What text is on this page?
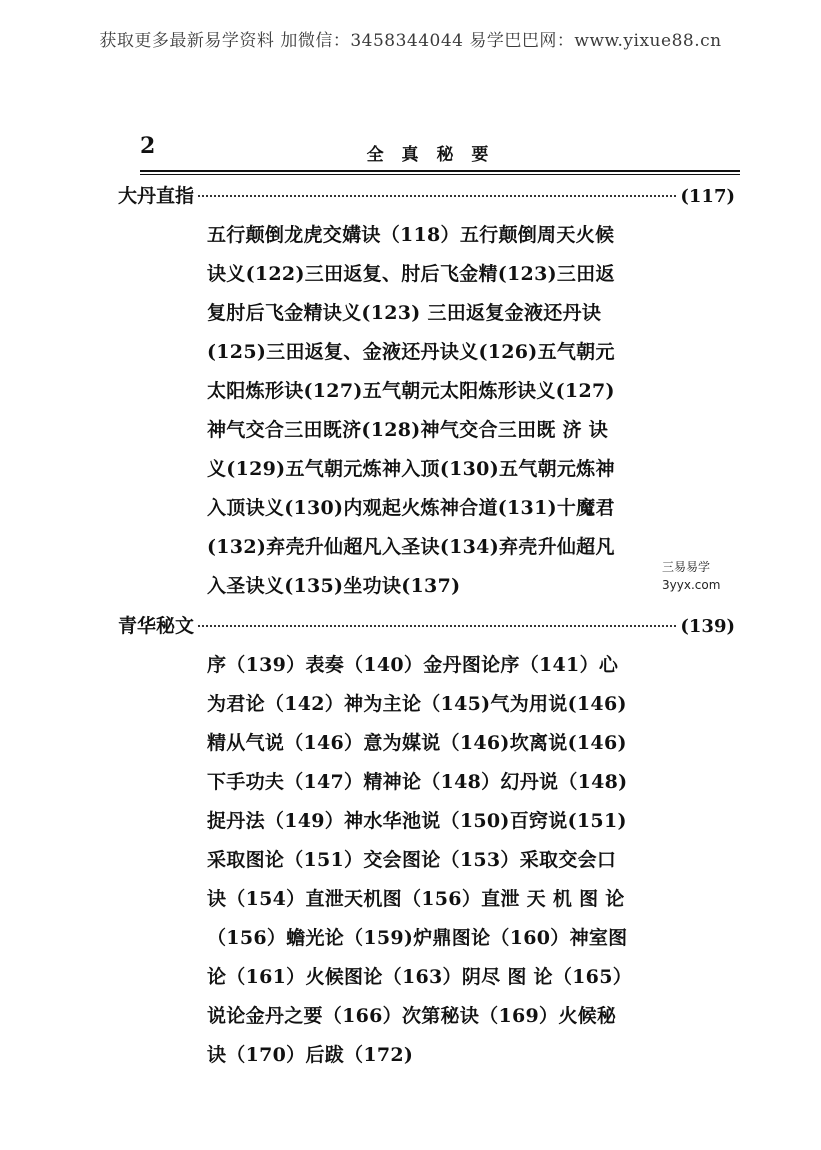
获取更多最新易学资料 加微信：3458344044 易学巴巴网：www.yixue88.cn
2	全 真 秘 要
大丹直指	(117)
五行颠倒龙虎交媾诀（118）五行颠倒周天火候
诀义(122)三田返复、肘后飞金精(123)三田返
复肘后飞金精诀义(123) 三田返复金液还丹诀
(125)三田返复、金液还丹诀义(126)五气朝元
太阳炼形诀(127)五气朝元太阳炼形诀义(127)
神气交合三田既济(128)神气交合三田既 济 诀
义(129)五气朝元炼神入顶(130)五气朝元炼神
入顶诀义(130)内观起火炼神合道(131)十魔君
(132)弃壳升仙超凡入圣诀(134)弃壳升仙超凡
入圣诀义(135)坐功诀(137)
三易易学
3yyx.com
青华秘文	(139)
序（139）表奏（140）金丹图论序（141）心
为君论（142）神为主论（145)气为用说(146)
精从气说（146）意为媒说（146)坎离说(146)
下手功夫（147）精神论（148）幻丹说（148)
捉丹法（149）神水华池说（150)百窍说(151)
采取图论（151）交会图论（153）采取交会口
诀（154）直泄天机图（156）直泄 天 机 图 论
（156）蟾光论（159)炉鼎图论（160）神室图
论（161）火候图论（163）阴尽 图 论（165）
说论金丹之要（166）次第秘诀（169）火候秘
诀（170）后跋（172)
